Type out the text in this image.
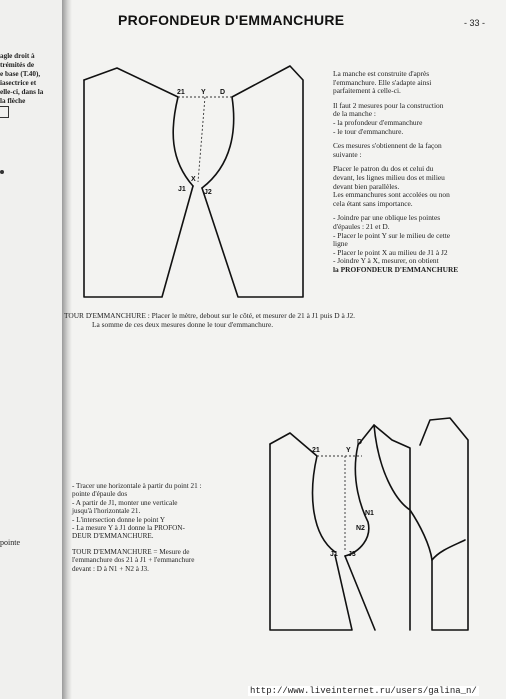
agle droit à
trémités de
e base (T.40),
iasectrice et
elle-ci, dans la
la flèche
pointe
PROFONDEUR D'EMMANCHURE	- 33 -
21 Y D
X
J1	J2
21	Y
D
N1
N2
J1 J3

La manche est construite d'après
l'emmanchure. Elle s'adapte ainsi
parfaitement à celle-ci.

Il faut 2 mesures pour la construction
de la manche :
- la profondeur d'emmanchure
- le tour d'emmanchure.

Ces mesures s'obtiennent de la façon
suivante :

Placer le patron du dos et celui du
devant, les lignes milieu dos et milieu
devant bien parallèles.
Les emmanchures sont accolées ou non
cela étant sans importance.

- Joindre par une oblique les pointes
d'épaules : 21 et D.
- Placer le point Y sur le milieu de cette
ligne
- Placer le point X au milieu de J1 à J2
- Joindre Y à X, mesurer, on obtient
la PROFONDEUR D'EMMANCHURE

TOUR D'EMMANCHURE : Placer le mètre, debout sur le côté, et mesurer de 21 à J1 puis D à J2.
La somme de ces deux mesures donne le tour d'emmanchure.
- Tracer une horizontale à partir du point 21 :
pointe d'épaule dos
- A partir de J1, monter une verticale
jusqu'à l'horizontale 21.
- L'intersection donne le point Y
- La mesure Y à J1 donne la PROFON-
DEUR D'EMMANCHURE.
TOUR D'EMMANCHURE = Mesure de
l'emmanchure dos 21 à J1 + l'emmanchure
devant : D à N1 + N2 à J3.
http://www.liveinternet.ru/users/galina_n/
